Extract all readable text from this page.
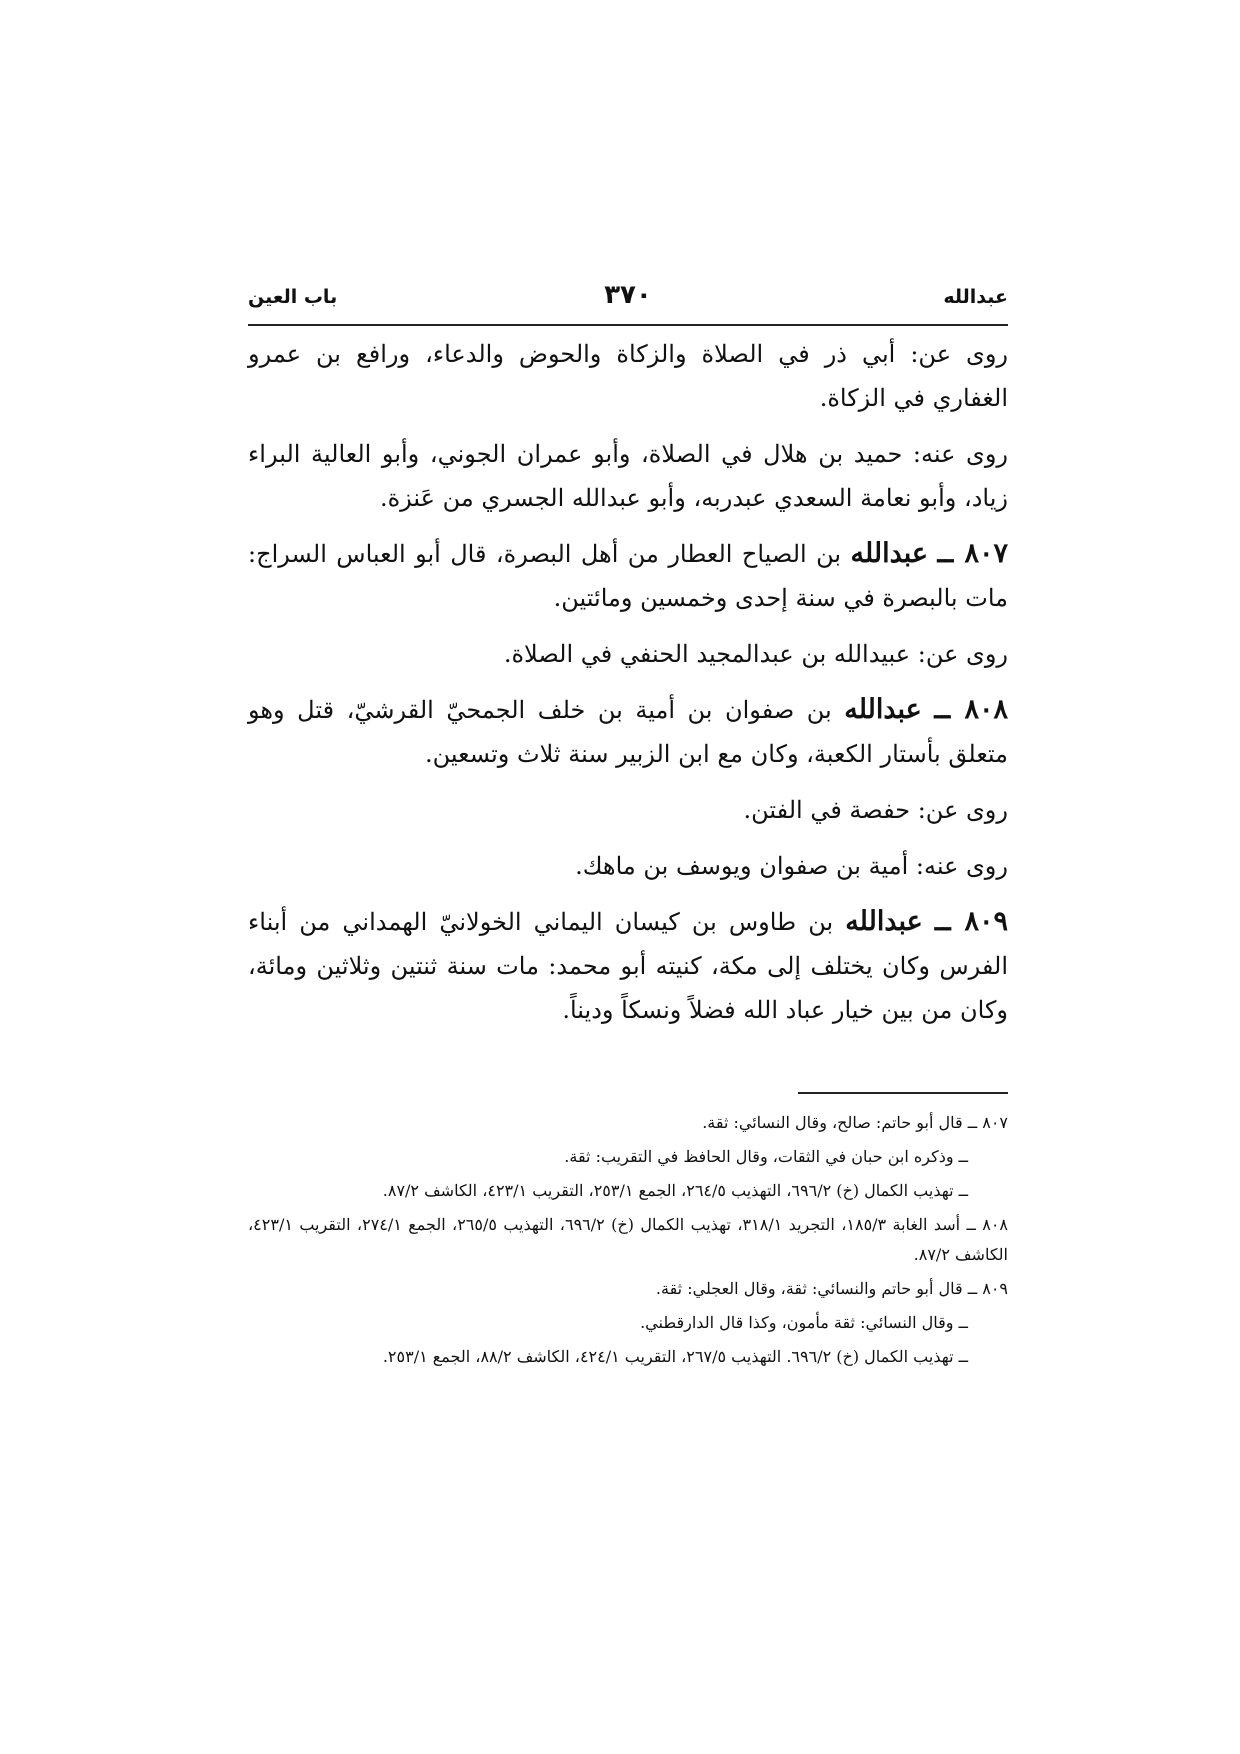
عبدالله
٣٧٠
باب العين

روى عن: أبي ذر في الصلاة والزكاة والحوض والدعاء، ورافع بن عمرو الغفاري في الزكاة.

روى عنه: حميد بن هلال في الصلاة، وأبو عمران الجوني، وأبو العالية البراء زياد، وأبو نعامة السعدي عبدربه، وأبو عبدالله الجسري من عَنزة.

٨٠٧ ــ عبدالله بن الصياح العطار من أهل البصرة، قال أبو العباس السراج: مات بالبصرة في سنة إحدى وخمسين ومائتين.

روى عن: عبيدالله بن عبدالمجيد الحنفي في الصلاة.

٨٠٨ ــ عبدالله بن صفوان بن أمية بن خلف الجمحيّ القرشيّ، قتل وهو متعلق بأستار الكعبة، وكان مع ابن الزبير سنة ثلاث وتسعين.

روى عن: حفصة في الفتن.

روى عنه: أمية بن صفوان ويوسف بن ماهك.

٨٠٩ ــ عبدالله بن طاوس بن كيسان اليماني الخولانيّ الهمداني من أبناء الفرس وكان يختلف إلى مكة، كنيته أبو محمد: مات سنة ثنتين وثلاثين ومائة، وكان من بين خيار عباد الله فضلاً ونسكاً وديناً.

٨٠٧ ــ قال أبو حاتم: صالح، وقال النسائي: ثقة.

ــ وذكره ابن حبان في الثقات، وقال الحافظ في التقريب: ثقة.

ــ تهذيب الكمال (خ) ٦٩٦/٢، التهذيب ٢٦٤/٥، الجمع ٢٥٣/١، التقريب ٤٢٣/١، الكاشف ٨٧/٢.

٨٠٨ ــ أسد الغابة ١٨٥/٣، التجريد ٣١٨/١، تهذيب الكمال (خ) ٦٩٦/٢، التهذيب ٢٦٥/٥، الجمع ٢٧٤/١، التقريب ٤٢٣/١، الكاشف ٨٧/٢.

٨٠٩ ــ قال أبو حاتم والنسائي: ثقة، وقال العجلي: ثقة.

ــ وقال النسائي: ثقة مأمون، وكذا قال الدارقطني.

ــ تهذيب الكمال (خ) ٦٩٦/٢. التهذيب ٢٦٧/٥، التقريب ٤٢٤/١، الكاشف ٨٨/٢، الجمع ٢٥٣/١.
